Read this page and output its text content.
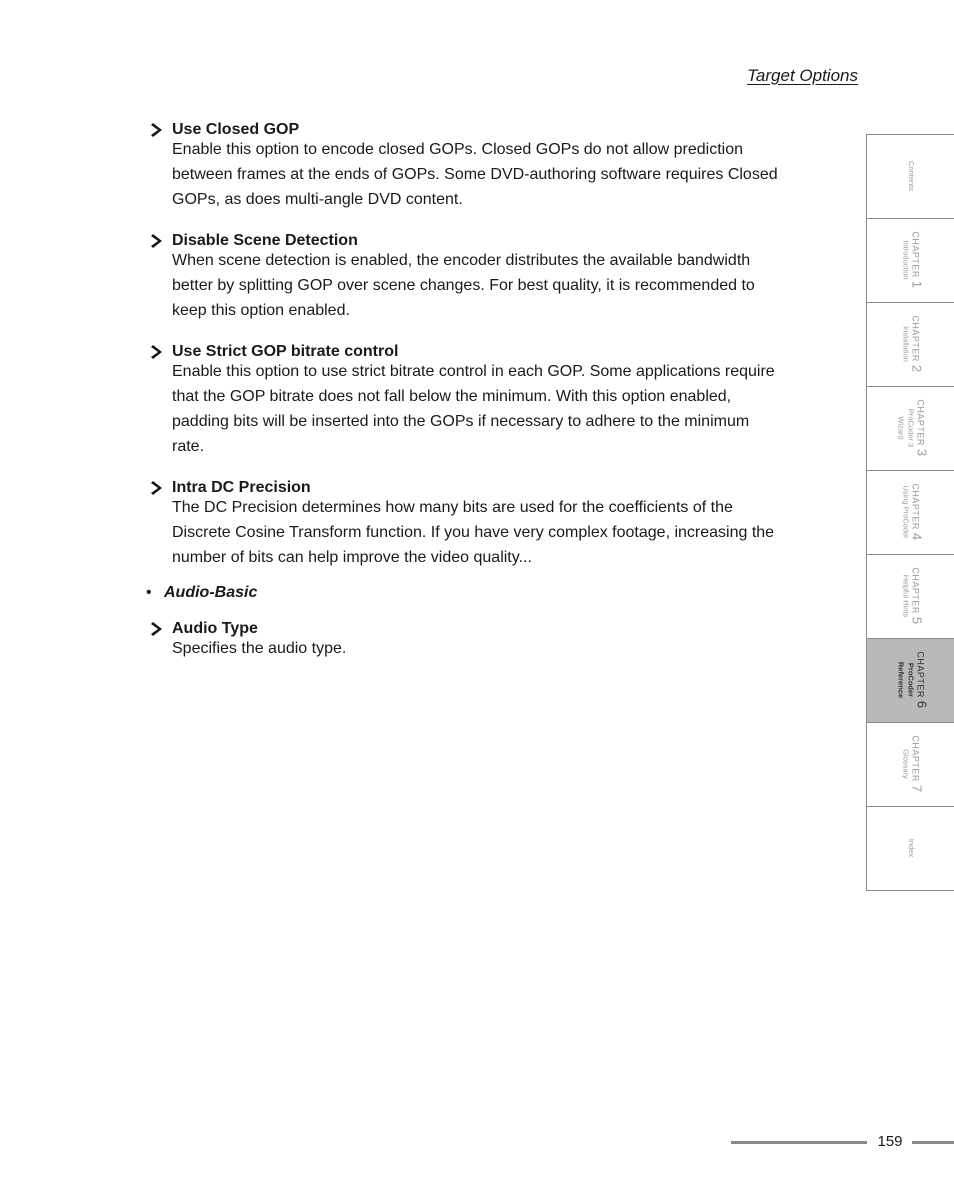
Target Options
Use Closed GOP
Enable this option to encode closed GOPs. Closed GOPs do not allow prediction
between frames at the ends of GOPs. Some DVD-authoring software requires Closed
GOPs, as does multi-angle DVD content.
Disable Scene Detection
When scene detection is enabled, the encoder distributes the available bandwidth
better by splitting GOP over scene changes. For best quality, it is recommended to
keep this option enabled.
Use Strict GOP bitrate control
Enable this option to use strict bitrate control in each GOP. Some applications require
that the GOP bitrate does not fall below the minimum. With this option enabled,
padding bits will be inserted into the GOPs if necessary to adhere to the minimum
rate.
Intra DC Precision
The DC Precision determines how many bits are used for the coefficients of the
Discrete Cosine Transform function. If you have very complex footage, increasing the
number of bits can help improve the video quality...
• Audio-Basic
Audio Type
Specifies the audio type.
Contents
CHAPTER 1
Introduction
CHAPTER 2
Installation
CHAPTER 3
ProCoder 3
Wizard
CHAPTER 4
Using ProCoder
CHAPTER 5
Helpful Hints
CHAPTER 6
ProCoder
Reference
CHAPTER 7
Glossary
Index
159
